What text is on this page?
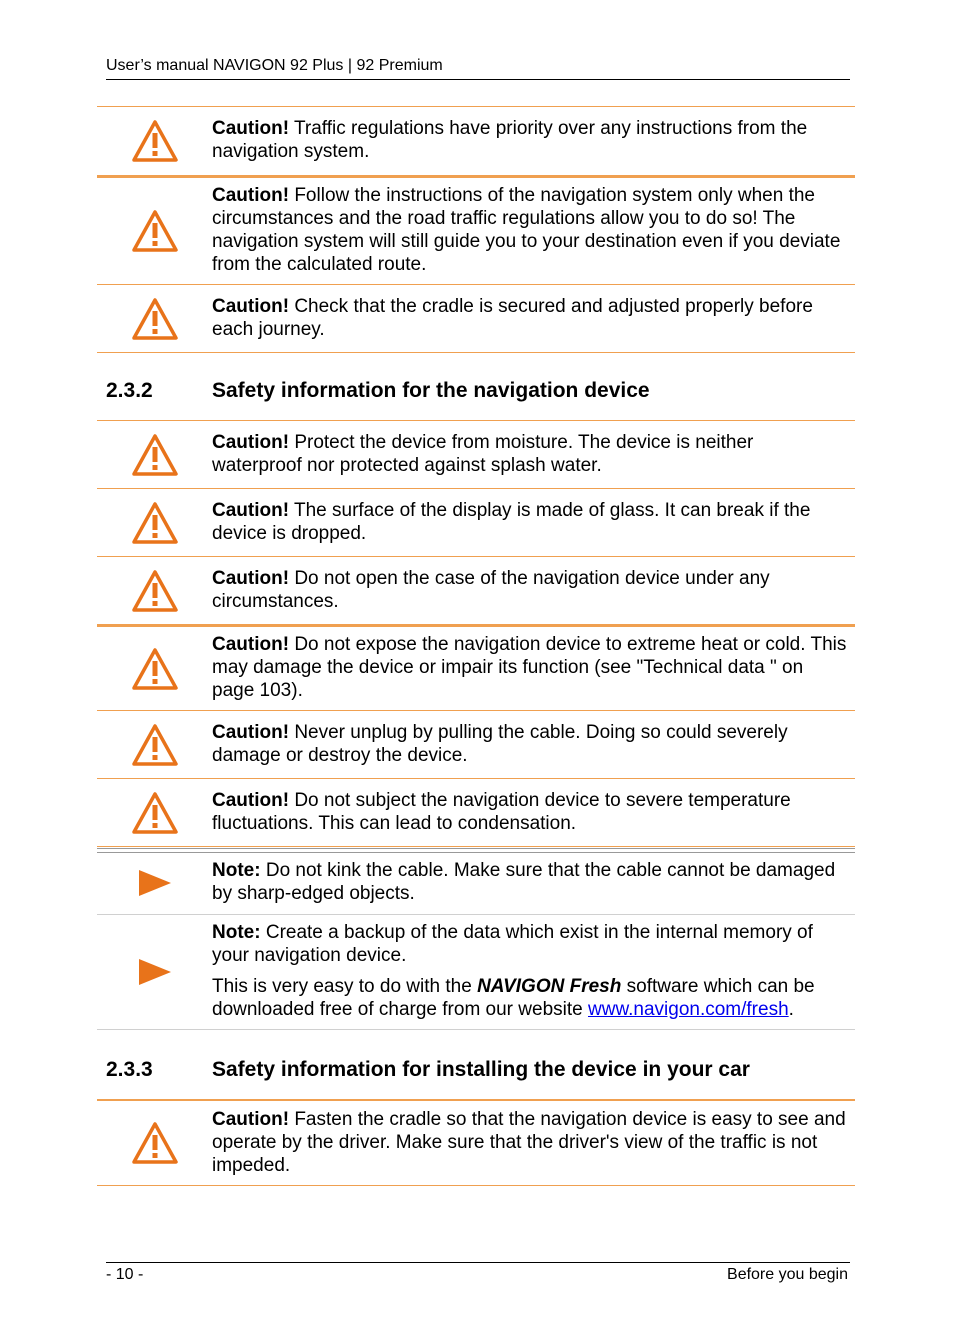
User’s manual NAVIGON 92 Plus | 92 Premium
Caution! Traffic regulations have priority over any instructions from the navigation system.
Caution! Follow the instructions of the navigation system only when the circumstances and the road traffic regulations allow you to do so! The navigation system will still guide you to your destination even if you deviate from the calculated route.
Caution! Check that the cradle is secured and adjusted properly before each journey.
2.3.2	Safety information for the navigation device
Caution! Protect the device from moisture. The device is neither waterproof nor protected against splash water.
Caution! The surface of the display is made of glass. It can break if the device is dropped.
Caution! Do not open the case of the navigation device under any circumstances.
Caution! Do not expose the navigation device to extreme heat or cold. This may damage the device or impair its function (see "Technical data " on page 103).
Caution! Never unplug by pulling the cable. Doing so could severely damage or destroy the device.
Caution! Do not subject the navigation device to severe temperature fluctuations. This can lead to condensation.
Note: Do not kink the cable. Make sure that the cable cannot be damaged by sharp-edged objects.

Note: Create a backup of the data which exist in the internal memory of your navigation device.

This is very easy to do with the NAVIGON Fresh software which can be downloaded free of charge from our website www.navigon.com/fresh.

2.3.3	Safety information for installing the device in your car
Caution! Fasten the cradle so that the navigation device is easy to see and operate by the driver. Make sure that the driver's view of the traffic is not impeded.
- 10 -	Before you begin
